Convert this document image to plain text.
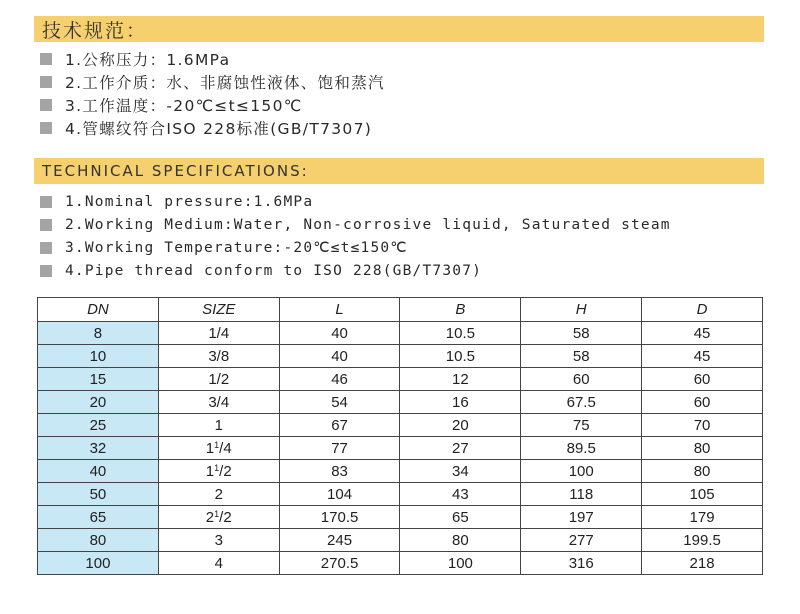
技术规范：
1.公称压力：1.6MPa
2.工作介质：水、非腐蚀性液体、饱和蒸汽
3.工作温度：-20℃≤t≤150℃
4.管螺纹符合ISO 228标准(GB/T7307)
TECHNICAL SPECIFICATIONS:
1.Nominal pressure:1.6MPa
2.Working Medium:Water, Non-corrosive liquid, Saturated steam
3.Working Temperature:-20℃≤t≤150℃
4.Pipe thread conform to ISO 228(GB/T7307)
DN	SIZE	L	B	H	D
8	1/4	40	10.5	58	45
10	3/8	40	10.5	58	45
15	1/2	46	12	60	60
20	3/4	54	16	67.5	60
25	1	67	20	75	70
32	$1^1/4$	77	27	89.5	80
40	$1^1/2$	83	34	100	80
50	2	104	43	118	105
65	$2^1/2$	170.5	65	197	179
80	3	245	80	277	199.5
100	4	270.5	100	316	218
